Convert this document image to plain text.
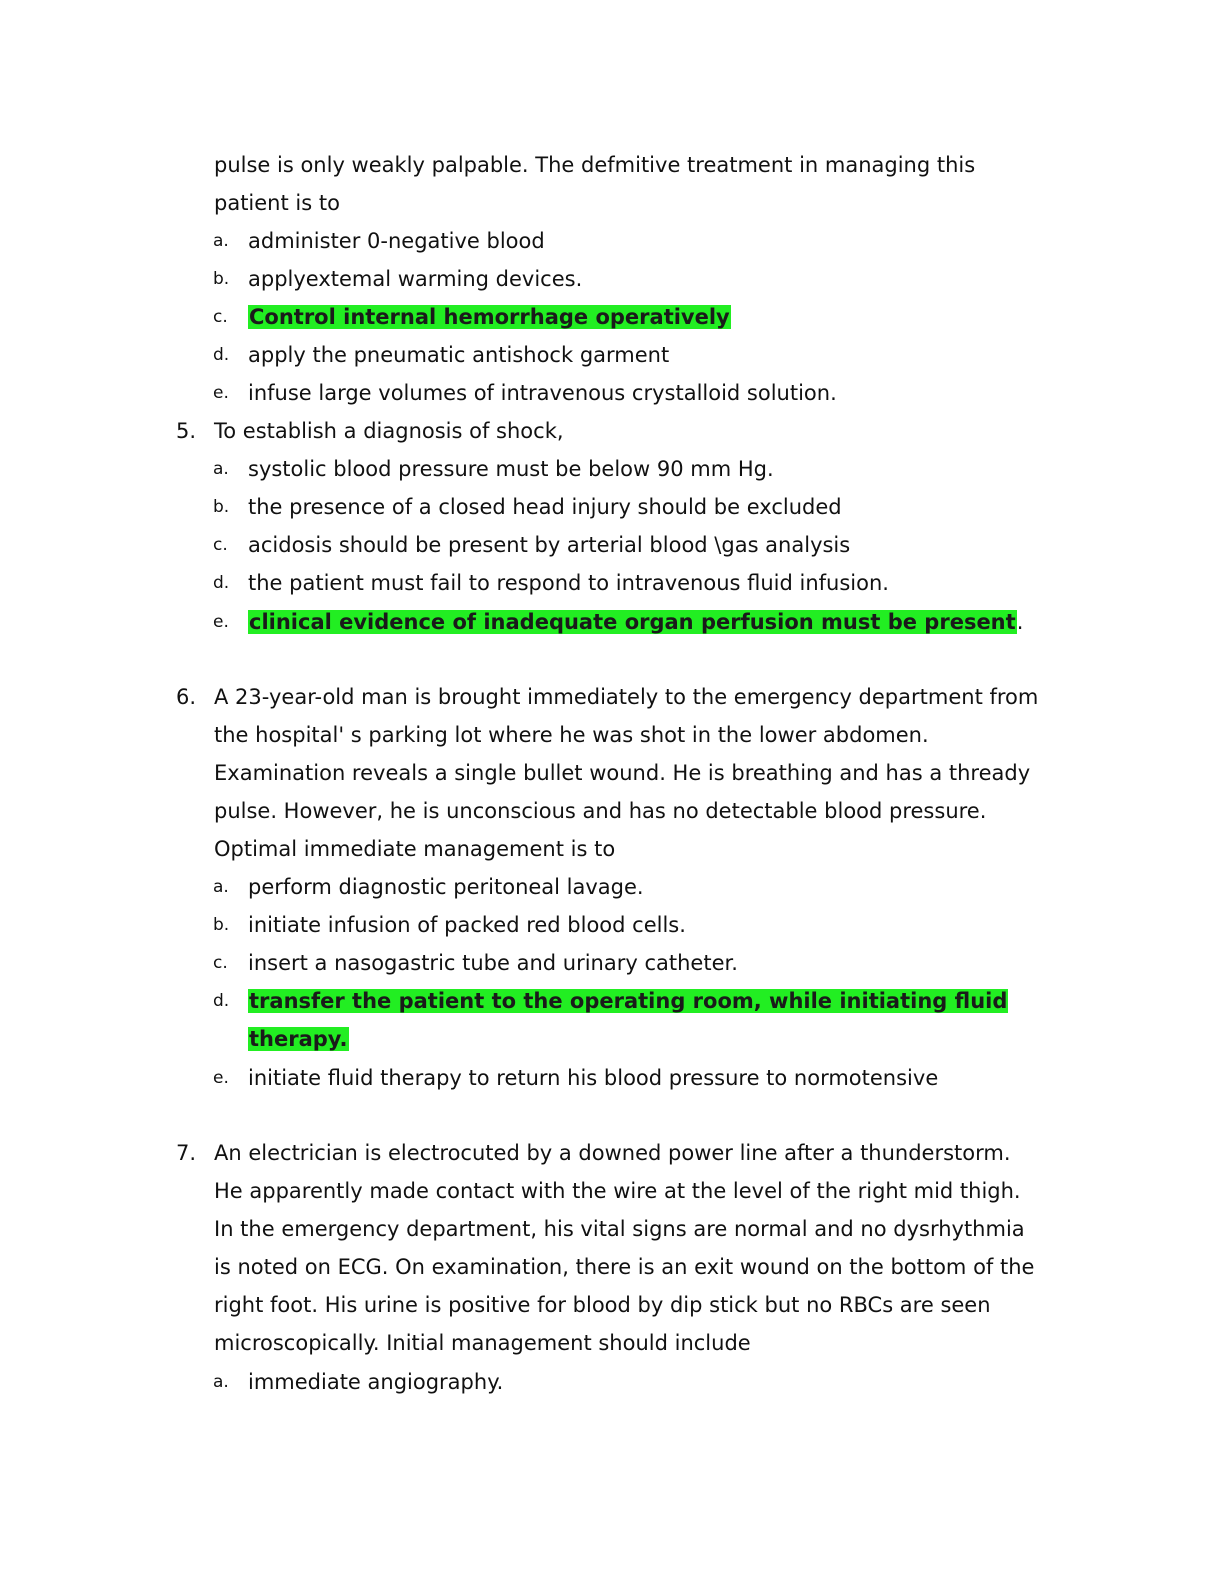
pulse is only weakly palpable. The defmitive treatment in managing this
patient is to
a. administer 0-negative blood
b. applyextemal warming devices.
c. Control internal hemorrhage operatively
d. apply the pneumatic antishock garment
e. infuse large volumes of intravenous crystalloid solution.
5. To establish a diagnosis of shock,
a. systolic blood pressure must be below 90 mm Hg.
b. the presence of a closed head injury should be excluded
c. acidosis should be present by arterial blood \gas analysis
d. the patient must fail to respond to intravenous fluid infusion.
e. clinical evidence of inadequate organ perfusion must be present.
6. A 23-year-old man is brought immediately to the emergency department from
the hospital' s parking lot where he was shot in the lower abdomen.
Examination reveals a single bullet wound. He is breathing and has a thready
pulse. However, he is unconscious and has no detectable blood pressure.
Optimal immediate management is to
a. perform diagnostic peritoneal lavage.
b. initiate infusion of packed red blood cells.
c. insert a nasogastric tube and urinary catheter.
d. transfer the patient to the operating room, while initiating fluid
therapy.
e. initiate fluid therapy to return his blood pressure to normotensive
7. An electrician is electrocuted by a downed power line after a thunderstorm.
He apparently made contact with the wire at the level of the right mid thigh.
In the emergency department, his vital signs are normal and no dysrhythmia
is noted on ECG. On examination, there is an exit wound on the bottom of the
right foot. His urine is positive for blood by dip stick but no RBCs are seen
microscopically. Initial management should include
a. immediate angiography.
